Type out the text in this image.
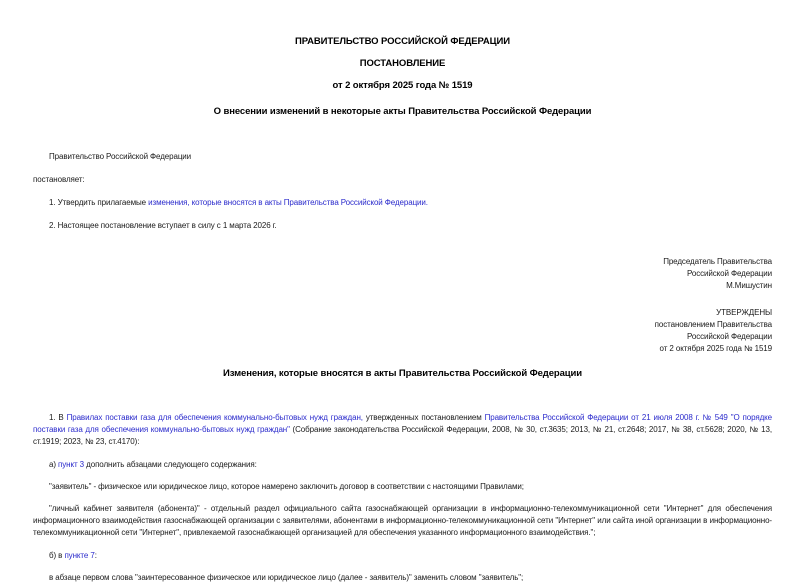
ПРАВИТЕЛЬСТВО РОССИЙСКОЙ ФЕДЕРАЦИИ
ПОСТАНОВЛЕНИЕ
от 2 октября 2025 года № 1519
О внесении изменений в некоторые акты Правительства Российской Федерации
Правительство Российской Федерации
постановляет:
1. Утвердить прилагаемые изменения, которые вносятся в акты Правительства Российской Федерации.
2. Настоящее постановление вступает в силу с 1 марта 2026 г.
Председатель Правительства
Российской Федерации
М.Мишустин
УТВЕРЖДЕНЫ
постановлением Правительства
Российской Федерации
от 2 октября 2025 года № 1519
Изменения, которые вносятся в акты Правительства Российской Федерации
1. В Правилах поставки газа для обеспечения коммунально-бытовых нужд граждан, утвержденных постановлением Правительства Российской Федерации от 21 июля 2008 г. № 549 "О порядке поставки газа для обеспечения коммунально-бытовых нужд граждан" (Собрание законодательства Российской Федерации, 2008, № 30, ст.3635; 2013, № 21, ст.2648; 2017, № 38, ст.5628; 2020, № 13, ст.1919; 2023, № 23, ст.4170):
а) пункт 3 дополнить абзацами следующего содержания:
"заявитель" - физическое или юридическое лицо, которое намерено заключить договор в соответствии с настоящими Правилами;
"личный кабинет заявителя (абонента)" - отдельный раздел официального сайта газоснабжающей организации в информационно-телекоммуникационной сети "Интернет" для обеспечения информационного взаимодействия газоснабжающей организации с заявителями, абонентами в информационно-телекоммуникационной сети "Интернет" или сайта иной организации в информационно-телекоммуникационной сети "Интернет", привлекаемой газоснабжающей организацией для обеспечения указанного информационного взаимодействия.";
б) в пункте 7:
в абзаце первом слова "заинтересованное физическое или юридическое лицо (далее - заявитель)" заменить словом "заявитель";
